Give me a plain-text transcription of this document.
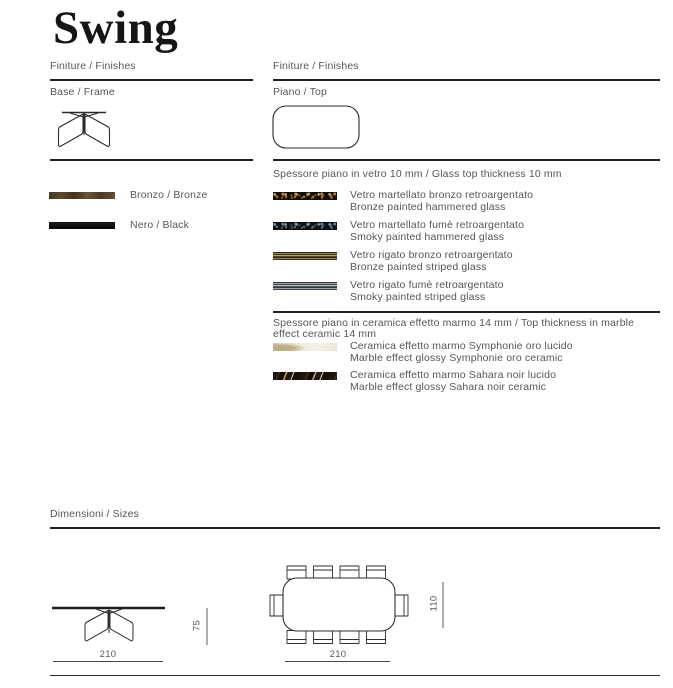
Swing
Finiture / Finishes
Base / Frame
Bronzo / Bronze
Nero / Black
Finiture / Finishes
Piano / Top
Spessore piano in vetro 10 mm / Glass top thickness 10 mm
Vetro martellato bronzo retroargentato
Bronze painted hammered glass
Vetro martellato fumè retroargentato
Smoky painted hammered glass
Vetro rigato bronzo retroargentato
Bronze painted striped glass
Vetro rigato fumè retroargentato
Smoky painted striped glass
Spessore piano in ceramica effetto marmo 14 mm / Top thickness in marble effect ceramic 14 mm
Ceramica effetto marmo Symphonie oro lucido
Marble effect glossy Symphonie oro ceramic
Ceramica effetto marmo Sahara noir lucido
Marble effect glossy Sahara noir ceramic
Dimensioni / Sizes
210
75
210
110
